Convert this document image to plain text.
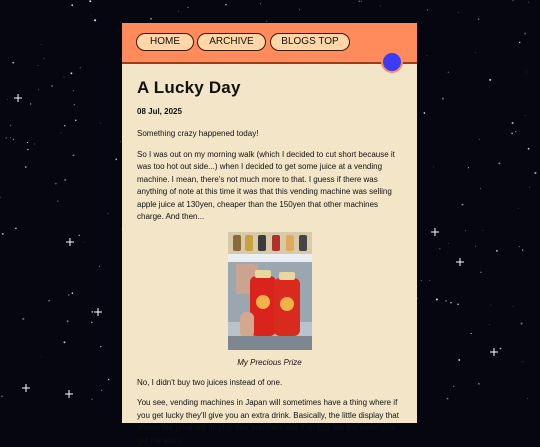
HOME	ARCHIVE	BLOGS TOP
A Lucky Day
08 Jul, 2025

Something crazy happened today!

So I was out on my morning walk (which I decided to cut short because it was too hot out side...) when I decided to get some juice at a vending machine. I mean, there's not much more to that. I guess if there was anything of note at this time it was that this vending machine was selling apple juice at 130yen, cheaper than the 150yen that other machines charge. And then...

My Precious Prize

No, I didn't buy two juices instead of one.

You see, vending machines in Japan will sometimes have a thing where if you get lucky they'll give you an extra drink. Basically, the little display that shows the price will display four numbers and if all four are the same you get the extra...
